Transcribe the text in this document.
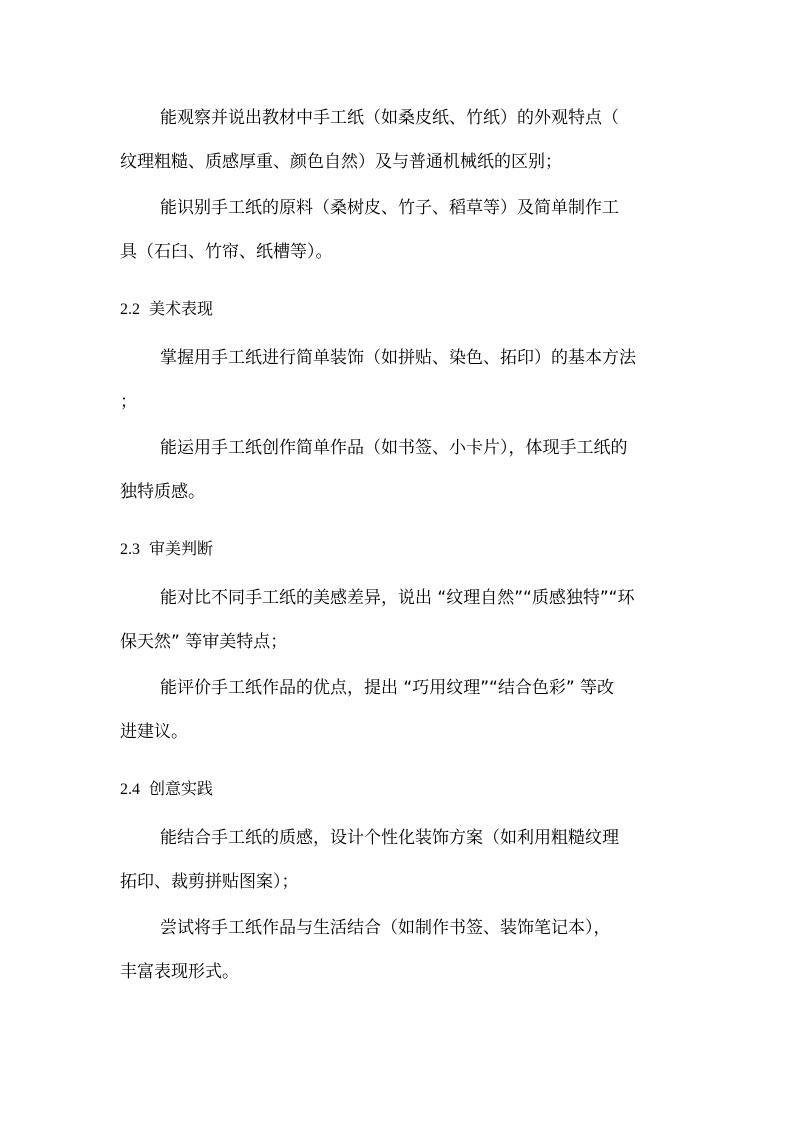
能观察并说出教材中手工纸（如桑皮纸、竹纸）的外观特点（
纹理粗糙、质感厚重、颜色自然）及与普通机械纸的区别；
能识别手工纸的原料（桑树皮、竹子、稻草等）及简单制作工
具（石臼、竹帘、纸槽等）。
2.2 美术表现
掌握用手工纸进行简单装饰（如拼贴、染色、拓印）的基本方法
；
能运用手工纸创作简单作品（如书签、小卡片），体现手工纸的
独特质感。
2.3 审美判断
能对比不同手工纸的美感差异，说出 “纹理自然”“质感独特”“环
保天然” 等审美特点；
能评价手工纸作品的优点，提出 “巧用纹理”“结合色彩” 等改
进建议。
2.4 创意实践
能结合手工纸的质感，设计个性化装饰方案（如利用粗糙纹理
拓印、裁剪拼贴图案）；
尝试将手工纸作品与生活结合（如制作书签、装饰笔记本），
丰富表现形式。
